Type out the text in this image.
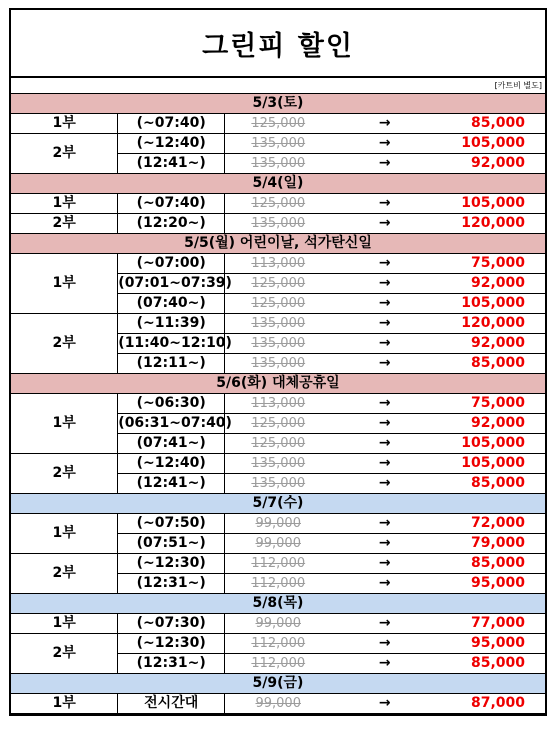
그린피 할인
[카트비 별도]
5/3(토)				
1부	(~07:40)	125,000	→	85,000
2부	(~12:40)	135,000	→	105,000
	(12:41~)	135,000	→	92,000
5/4(일)				
1부	(~07:40)	125,000	→	105,000
2부	(12:20~)	135,000	→	120,000
5/5(월) 어린이날, 석가탄신일				
1부	(~07:00)	113,000	→	75,000
	(07:01~07:39)	125,000	→	92,000
	(07:40~)	125,000	→	105,000
2부	(~11:39)	135,000	→	120,000
	(11:40~12:10)	135,000	→	92,000
	(12:11~)	135,000	→	85,000
5/6(화) 대체공휴일				
1부	(~06:30)	113,000	→	75,000
	(06:31~07:40)	125,000	→	92,000
	(07:41~)	125,000	→	105,000
2부	(~12:40)	135,000	→	105,000
	(12:41~)	135,000	→	85,000
5/7(수)				
1부	(~07:50)	99,000	→	72,000
	(07:51~)	99,000	→	79,000
2부	(~12:30)	112,000	→	85,000
	(12:31~)	112,000	→	95,000
5/8(목)				
1부	(~07:30)	99,000	→	77,000
2부	(~12:30)	112,000	→	95,000
	(12:31~)	112,000	→	85,000
5/9(금)				
1부	전시간대	99,000	→	87,000
